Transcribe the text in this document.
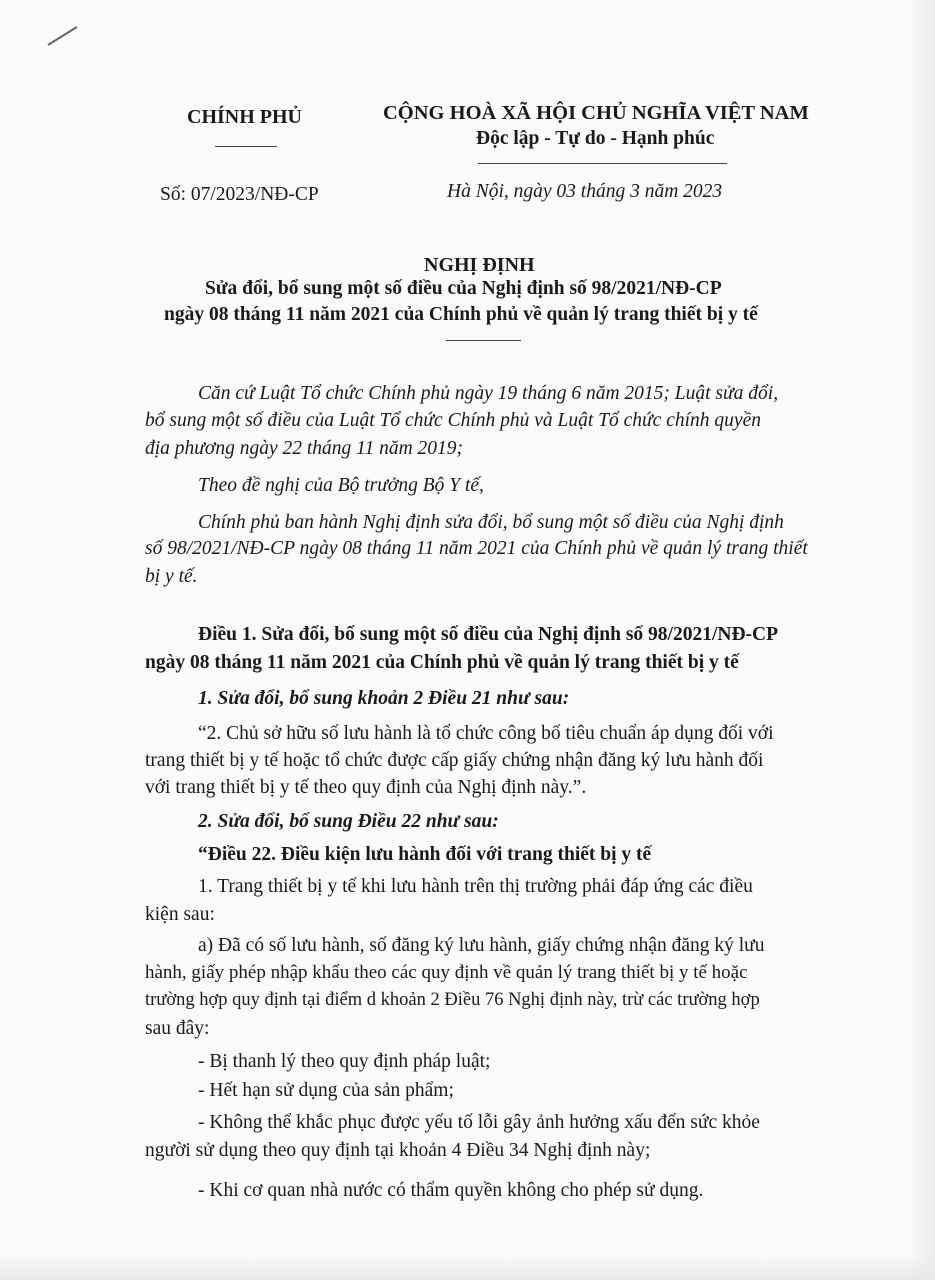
CHÍNH PHỦ	CỘNG HOÀ XÃ HỘI CHỦ NGHĨA VIỆT NAM
Độc lập - Tự do - Hạnh phúc
Số: 07/2023/NĐ-CP	Hà Nội, ngày 03 tháng 3 năm 2023
NGHỊ ĐỊNH
Sửa đổi, bổ sung một số điều của Nghị định số 98/2021/NĐ-CP
ngày 08 tháng 11 năm 2021 của Chính phủ về quản lý trang thiết bị y tế
Căn cứ Luật Tổ chức Chính phủ ngày 19 tháng 6 năm 2015; Luật sửa đổi,
bổ sung một số điều của Luật Tổ chức Chính phủ và Luật Tổ chức chính quyền
địa phương ngày 22 tháng 11 năm 2019;
Theo đề nghị của Bộ trưởng Bộ Y tế,
Chính phủ ban hành Nghị định sửa đổi, bổ sung một số điều của Nghị định
số 98/2021/NĐ-CP ngày 08 tháng 11 năm 2021 của Chính phủ về quản lý trang thiết
bị y tế.
Điều 1. Sửa đổi, bổ sung một số điều của Nghị định số 98/2021/NĐ-CP
ngày 08 tháng 11 năm 2021 của Chính phủ về quản lý trang thiết bị y tế
1. Sửa đổi, bổ sung khoản 2 Điều 21 như sau:
“2. Chủ sở hữu số lưu hành là tổ chức công bố tiêu chuẩn áp dụng đối với
trang thiết bị y tế hoặc tổ chức được cấp giấy chứng nhận đăng ký lưu hành đối
với trang thiết bị y tế theo quy định của Nghị định này.”.
2. Sửa đổi, bổ sung Điều 22 như sau:
“Điều 22. Điều kiện lưu hành đối với trang thiết bị y tế
1. Trang thiết bị y tế khi lưu hành trên thị trường phải đáp ứng các điều
kiện sau:
a) Đã có số lưu hành, số đăng ký lưu hành, giấy chứng nhận đăng ký lưu
hành, giấy phép nhập khẩu theo các quy định về quản lý trang thiết bị y tế hoặc
trường hợp quy định tại điểm d khoản 2 Điều 76 Nghị định này, trừ các trường hợp
sau đây:
- Bị thanh lý theo quy định pháp luật;
- Hết hạn sử dụng của sản phẩm;
- Không thể khắc phục được yếu tố lỗi gây ảnh hưởng xấu đến sức khỏe
người sử dụng theo quy định tại khoản 4 Điều 34 Nghị định này;
- Khi cơ quan nhà nước có thẩm quyền không cho phép sử dụng.
